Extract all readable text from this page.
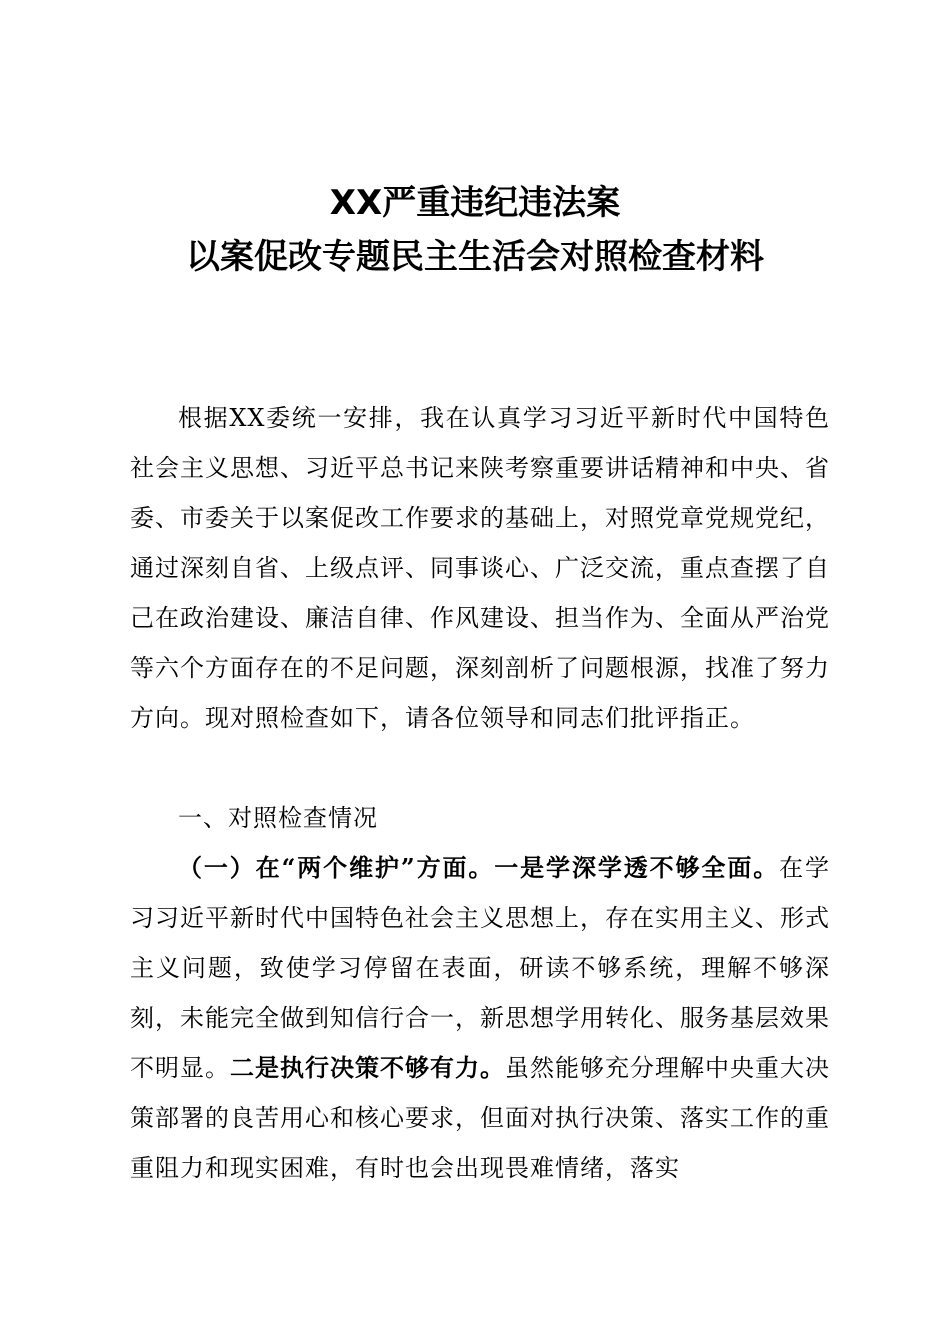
XX严重违纪违法案
以案促改专题民主生活会对照检查材料

根据XX委统一安排，我在认真学习习近平新时代中国特色社会主义思想、习近平总书记来陕考察重要讲话精神和中央、省委、市委关于以案促改工作要求的基础上，对照党章党规党纪，通过深刻自省、上级点评、同事谈心、广泛交流，重点查摆了自己在政治建设、廉洁自律、作风建设、担当作为、全面从严治党等六个方面存在的不足问题，深刻剖析了问题根源，找准了努力方向。现对照检查如下，请各位领导和同志们批评指正。

一、对照检查情况

（一）在“两个维护”方面。一是学深学透不够全面。在学习习近平新时代中国特色社会主义思想上，存在实用主义、形式主义问题，致使学习停留在表面，研读不够系统，理解不够深刻，未能完全做到知信行合一，新思想学用转化、服务基层效果不明显。二是执行决策不够有力。虽然能够充分理解中央重大决策部署的良苦用心和核心要求，但面对执行决策、落实工作的重重阻力和现实困难，有时也会出现畏难情绪，落实
